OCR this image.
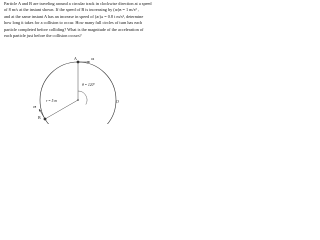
Particle A and B are traveling around a circular track in clockwise direction at a speed
of 8 m/s at the instant shown. If the speed of B is increasing by (aₜ)ʙ = 1 m/s² ,
and at the same instant A has an increase in speed of (aₜ)ᴀ = 0.8 t m/s², determine
how long it takes for a collision to occur. How many full circles of turn has each
particle completed before colliding? What is the magnitude of the acceleration of
each particle just before the collision occurs?
A	vᴀ
θ = 120°
O
r = 5 m
B
vʙ
